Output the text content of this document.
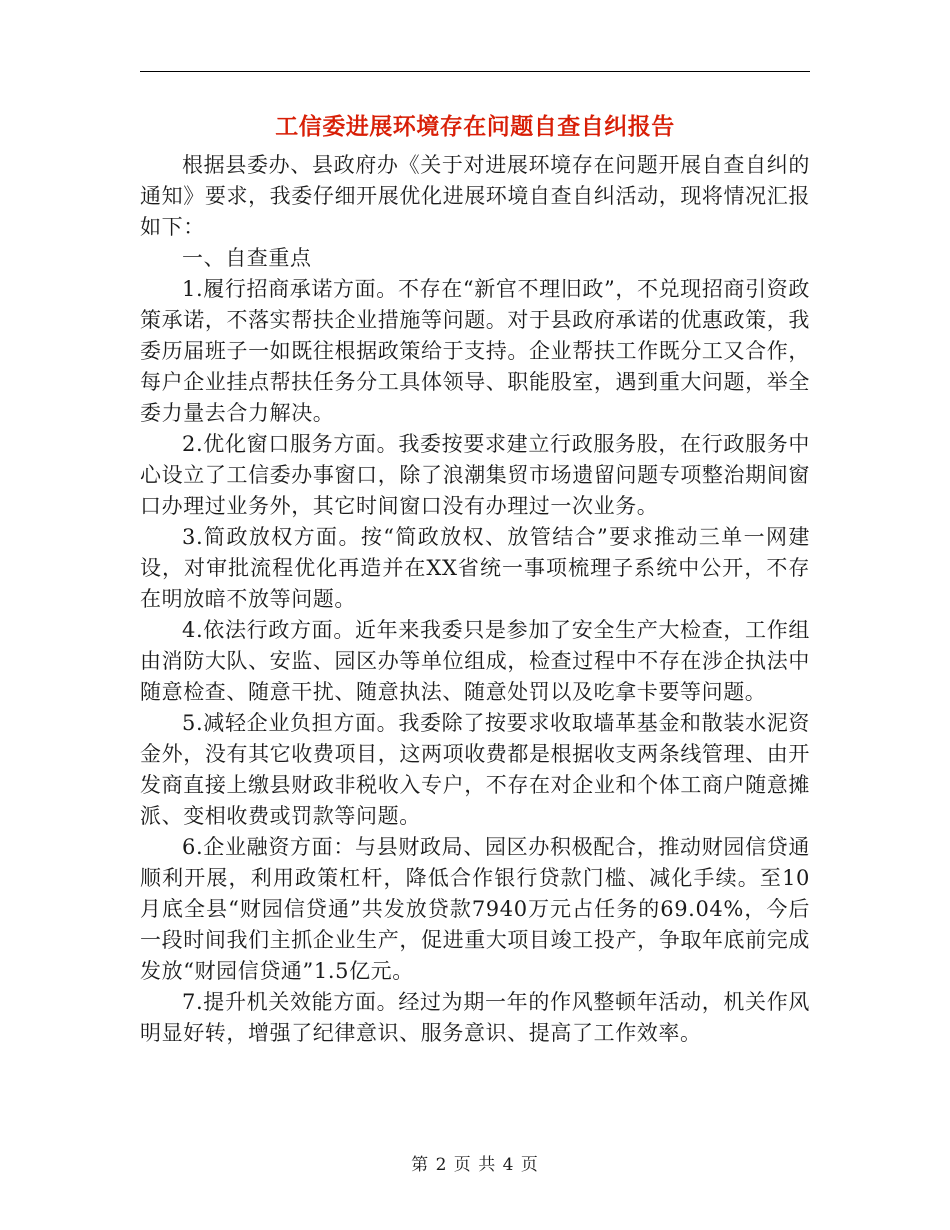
工信委进展环境存在问题自查自纠报告

根据县委办、县政府办《关于对进展环境存在问题开展自查自纠的通知》要求，我委仔细开展优化进展环境自查自纠活动，现将情况汇报如下：

一、自查重点

1.履行招商承诺方面。不存在“新官不理旧政”，不兑现招商引资政策承诺，不落实帮扶企业措施等问题。对于县政府承诺的优惠政策，我委历届班子一如既往根据政策给于支持。企业帮扶工作既分工又合作，每户企业挂点帮扶任务分工具体领导、职能股室，遇到重大问题，举全委力量去合力解决。

2.优化窗口服务方面。我委按要求建立行政服务股，在行政服务中心设立了工信委办事窗口，除了浪潮集贸市场遗留问题专项整治期间窗口办理过业务外，其它时间窗口没有办理过一次业务。

3.简政放权方面。按“简政放权、放管结合”要求推动三单一网建设，对审批流程优化再造并在XX省统一事项梳理子系统中公开，不存在明放暗不放等问题。

4.依法行政方面。近年来我委只是参加了安全生产大检查，工作组由消防大队、安监、园区办等单位组成，检查过程中不存在涉企执法中随意检查、随意干扰、随意执法、随意处罚以及吃拿卡要等问题。

5.减轻企业负担方面。我委除了按要求收取墙革基金和散装水泥资金外，没有其它收费项目，这两项收费都是根据收支两条线管理、由开发商直接上缴县财政非税收入专户，不存在对企业和个体工商户随意摊派、变相收费或罚款等问题。

6.企业融资方面：与县财政局、园区办积极配合，推动财园信贷通顺利开展，利用政策杠杆，降低合作银行贷款门槛、减化手续。至10月底全县“财园信贷通”共发放贷款7940万元占任务的69.04%，今后一段时间我们主抓企业生产，促进重大项目竣工投产，争取年底前完成发放“财园信贷通”1.5亿元。

7.提升机关效能方面。经过为期一年的作风整顿年活动，机关作风明显好转，增强了纪律意识、服务意识、提高了工作效率。

第 2 页 共 4 页
